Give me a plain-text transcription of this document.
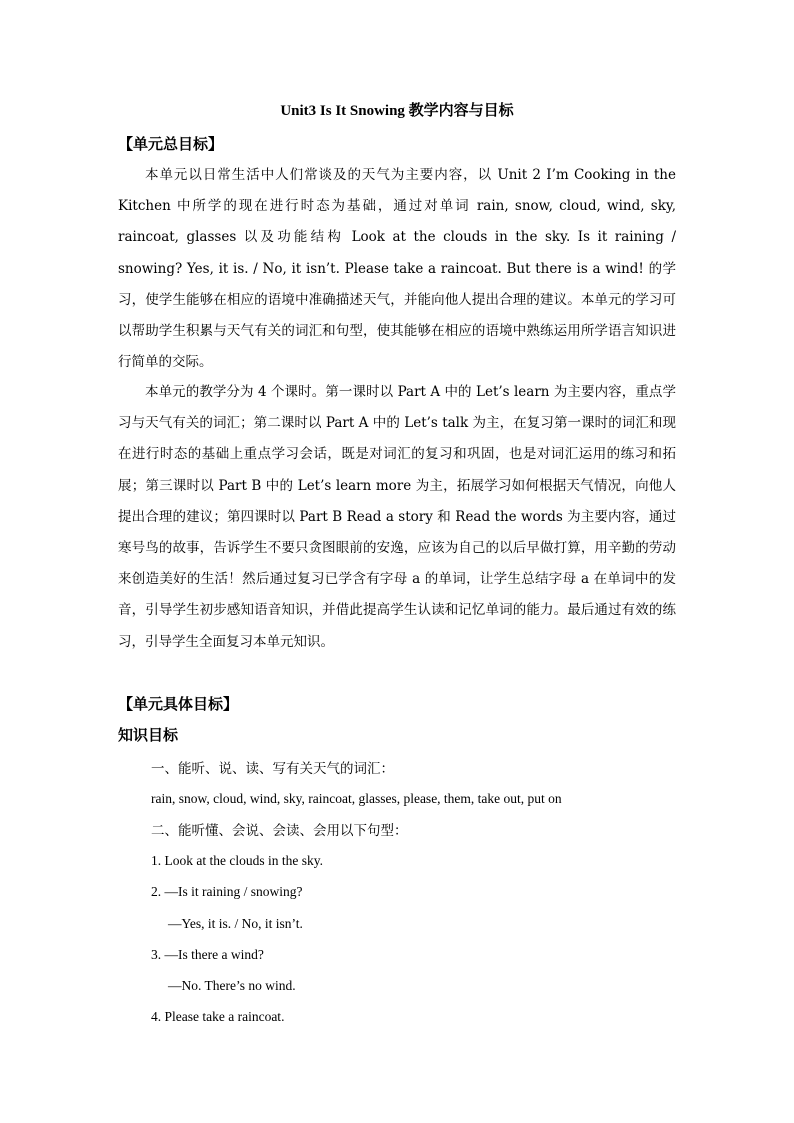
Unit3 Is It Snowing 教学内容与目标
【单元总目标】
本单元以日常生活中人们常谈及的天气为主要内容，以 Unit 2 I’m Cooking in the Kitchen 中所学的现在进行时态为基础，通过对单词 rain, snow, cloud, wind, sky, raincoat, glasses 以及功能结构 Look at the clouds in the sky. Is it raining / snowing? Yes, it is. / No, it isn’t. Please take a raincoat. But there is a wind! 的学习，使学生能够在相应的语境中准确描述天气，并能向他人提出合理的建议。本单元的学习可以帮助学生积累与天气有关的词汇和句型，使其能够在相应的语境中熟练运用所学语言知识进行简单的交际。
本单元的教学分为 4 个课时。第一课时以 Part A 中的 Let’s learn 为主要内容，重点学习与天气有关的词汇；第二课时以 Part A 中的 Let’s talk 为主，在复习第一课时的词汇和现在进行时态的基础上重点学习会话，既是对词汇的复习和巩固，也是对词汇运用的练习和拓展；第三课时以 Part B 中的 Let’s learn more 为主，拓展学习如何根据天气情况，向他人提出合理的建议；第四课时以 Part B Read a story 和 Read the words 为主要内容，通过寒号鸟的故事，告诉学生不要只贪图眼前的安逸，应该为自己的以后早做打算，用辛勤的劳动来创造美好的生活！然后通过复习已学含有字母 a 的单词，让学生总结字母 a 在单词中的发音，引导学生初步感知语音知识，并借此提高学生认读和记忆单词的能力。最后通过有效的练习，引导学生全面复习本单元知识。
【单元具体目标】
知识目标
一、能听、说、读、写有关天气的词汇：
rain, snow, cloud, wind, sky, raincoat, glasses, please, them, take out, put on
二、能听懂、会说、会读、会用以下句型：
1. Look at the clouds in the sky.
2. —Is it raining / snowing?
—Yes, it is. / No, it isn’t.
3. —Is there a wind?
—No. There’s no wind.
4. Please take a raincoat.
